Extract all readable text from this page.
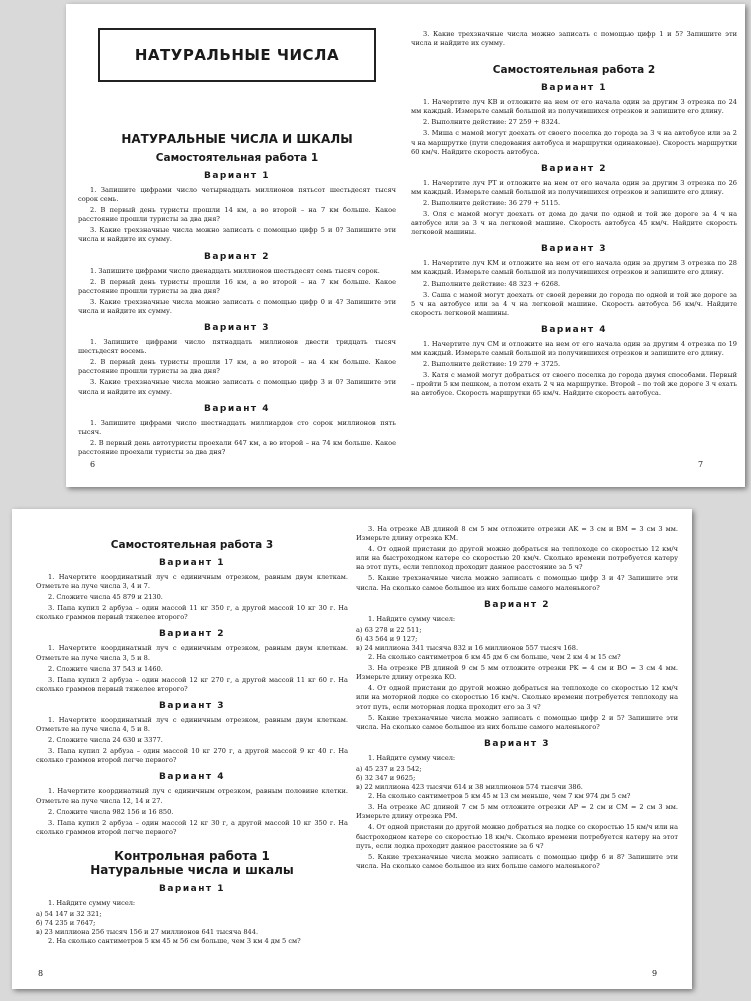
НАТУРАЛЬНЫЕ ЧИСЛА
НАТУРАЛЬНЫЕ ЧИСЛА И ШКАЛЫ
Самостоятельная работа 1
Вариант 1
1. Запишите цифрами число четырнадцать миллионов пятьсот шестьдесят тысяч сорок семь.
2. В первый день туристы прошли 14 км, а во второй – на 7 км больше. Какое расстояние прошли туристы за два дня?
3. Какие трехзначные числа можно записать с помощью цифр 5 и 0? Запишите эти числа и найдите их сумму.
Вариант 2
1. Запишите цифрами число двенадцать миллионов шестьдесят семь тысяч сорок.
2. В первый день туристы прошли 16 км, а во второй – на 7 км больше. Какое расстояние прошли туристы за два дня?
3. Какие трехзначные числа можно записать с помощью цифр 0 и 4? Запишите эти числа и найдите их сумму.
Вариант 3
1. Запишите цифрами число пятнадцать миллионов двести тридцать тысяч шестьдесят восемь.
2. В первый день туристы прошли 17 км, а во второй – на 4 км больше. Какое расстояние прошли туристы за два дня?
3. Какие трехзначные числа можно записать с помощью цифр 3 и 0? Запишите эти числа и найдите их сумму.
Вариант 4
1. Запишите цифрами число шестнадцать миллиардов сто сорок миллионов пять тысяч.
2. В первый день автотуристы проехали 647 км, а во второй – на 74 км больше. Какое расстояние проехали туристы за два дня?
6
3. Какие трехзначные числа можно записать с помощью цифр 1 и 5? Запишите эти числа и найдите их сумму.
Самостоятельная работа 2
Вариант 1
1. Начертите луч KB и отложите на нем от его начала один за другим 3 отрезка по 24 мм каждый. Измерьте самый большой из получившихся отрезков и запишите его длину.
2. Выполните действие: 27 259 + 8324.
3. Миша с мамой могут доехать от своего поселка до города за 3 ч на автобусе или за 2 ч на маршрутке (пути следования автобуса и маршрутки одинаковые). Скорость маршрутки 60 км/ч. Найдите скорость автобуса.
Вариант 2
1. Начертите луч PT и отложите на нем от его начала один за другим 3 отрезка по 26 мм каждый. Измерьте самый большой из получившихся отрезков и запишите его длину.
2. Выполните действие: 36 279 + 5115.
3. Оля с мамой могут доехать от дома до дачи по одной и той же дороге за 4 ч на автобусе или за 3 ч на легковой машине. Скорость автобуса 45 км/ч. Найдите скорость легковой машины.
Вариант 3
1. Начертите луч KM и отложите на нем от его начала один за другим 3 отрезка по 28 мм каждый. Измерьте самый большой из получившихся отрезков и запишите его длину.
2. Выполните действие: 48 323 + 6268.
3. Саша с мамой могут доехать от своей деревни до города по одной и той же дороге за 5 ч на автобусе или за 4 ч на легковой машине. Скорость автобуса 56 км/ч. Найдите скорость легковой машины.
Вариант 4
1. Начертите луч CM и отложите на нем от его начала один за другим 4 отрезка по 19 мм каждый. Измерьте самый большой из получившихся отрезков и запишите его длину.
2. Выполните действие: 19 279 + 3725.
3. Катя с мамой могут добраться от своего поселка до города двумя способами. Первый – пройти 5 км пешком, а потом ехать 2 ч на маршрутке. Второй – по той же дороге 3 ч ехать на автобусе. Скорость маршрутки 65 км/ч. Найдите скорость автобуса.
7
Самостоятельная работа 3
Вариант 1
1. Начертите координатный луч с единичным отрезком, равным двум клеткам. Отметьте на луче числа 3, 4 и 7.
2. Сложите числа 45 879 и 2130.
3. Папа купил 2 арбуза – один массой 11 кг 350 г, а другой массой 10 кг 30 г. На сколько граммов первый тяжелее второго?
Вариант 2
1. Начертите координатный луч с единичным отрезком, равным двум клеткам. Отметьте на луче числа 3, 5 и 8.
2. Сложите числа 37 543 и 1460.
3. Папа купил 2 арбуза – один массой 12 кг 270 г, а другой массой 11 кг 60 г. На сколько граммов первый тяжелее второго?
Вариант 3
1. Начертите координатный луч с единичным отрезком, равным двум клеткам. Отметьте на луче числа 4, 5 и 8.
2. Сложите числа 24 630 и 3377.
3. Папа купил 2 арбуза – один массой 10 кг 270 г, а другой массой 9 кг 40 г. На сколько граммов второй легче первого?
Вариант 4
1. Начертите координатный луч с единичным отрезком, равным половине клетки. Отметьте на луче числа 12, 14 и 27.
2. Сложите числа 982 156 и 16 850.
3. Папа купил 2 арбуза – один массой 12 кг 30 г, а другой массой 10 кг 350 г. На сколько граммов второй легче первого?
Контрольная работа 1
Натуральные числа и шкалы
Вариант 1
1. Найдите сумму чисел:
а) 54 147 и 32 321;
б) 74 235 и 7647;
в) 23 миллиона 256 тысяч 156 и 27 миллионов 641 тысяча 844.
2. На сколько сантиметров 5 км 45 м 56 см больше, чем 3 км 4 дм 5 см?
8
3. На отрезке AB длиной 8 см 5 мм отложите отрезки AK = 3 см и BM = 3 см 3 мм. Измерьте длину отрезка KM.
4. От одной пристани до другой можно добраться на теплоходе со скоростью 12 км/ч или на быстроходном катере со скоростью 20 км/ч. Сколько времени потребуется катеру на этот путь, если теплоход проходит данное расстояние за 5 ч?
5. Какие трехзначные числа можно записать с помощью цифр 3 и 4? Запишите эти числа. На сколько самое большое из них больше самого маленького?
Вариант 2
1. Найдите сумму чисел:
а) 63 278 и 22 511;
б) 43 564 и 9 127;
в) 24 миллиона 341 тысяча 832 и 16 миллионов 557 тысяч 168.
2. На сколько сантиметров 6 км 45 дм 6 см больше, чем 2 км 4 м 15 см?
3. На отрезке PB длиной 9 см 5 мм отложите отрезки PK = 4 см и BO = 3 см 4 мм. Измерьте длину отрезка KO.
4. От одной пристани до другой можно добраться на теплоходе со скоростью 12 км/ч или на моторной лодке со скоростью 16 км/ч. Сколько времени потребуется теплоходу на этот путь, если моторная лодка проходит его за 3 ч?
5. Какие трехзначные числа можно записать с помощью цифр 2 и 5? Запишите эти числа. На сколько самое большое из них больше самого маленького?
Вариант 3
1. Найдите сумму чисел:
а) 45 237 и 23 542;
б) 32 347 и 9625;
в) 22 миллиона 423 тысячи 614 и 38 миллионов 574 тысячи 386.
2. На сколько сантиметров 5 км 45 м 13 см меньше, чем 7 км 974 дм 5 см?
3. На отрезке AC длиной 7 см 5 мм отложите отрезки AP = 2 см и CM = 2 см 3 мм. Измерьте длину отрезка PM.
4. От одной пристани до другой можно добраться на лодке со скоростью 15 км/ч или на быстроходном катере со скоростью 18 км/ч. Сколько времени потребуется катеру на этот путь, если лодка проходит данное расстояние за 6 ч?
5. Какие трехзначные числа можно записать с помощью цифр 6 и 8? Запишите эти числа. На сколько самое большое из них больше самого маленького?
9
